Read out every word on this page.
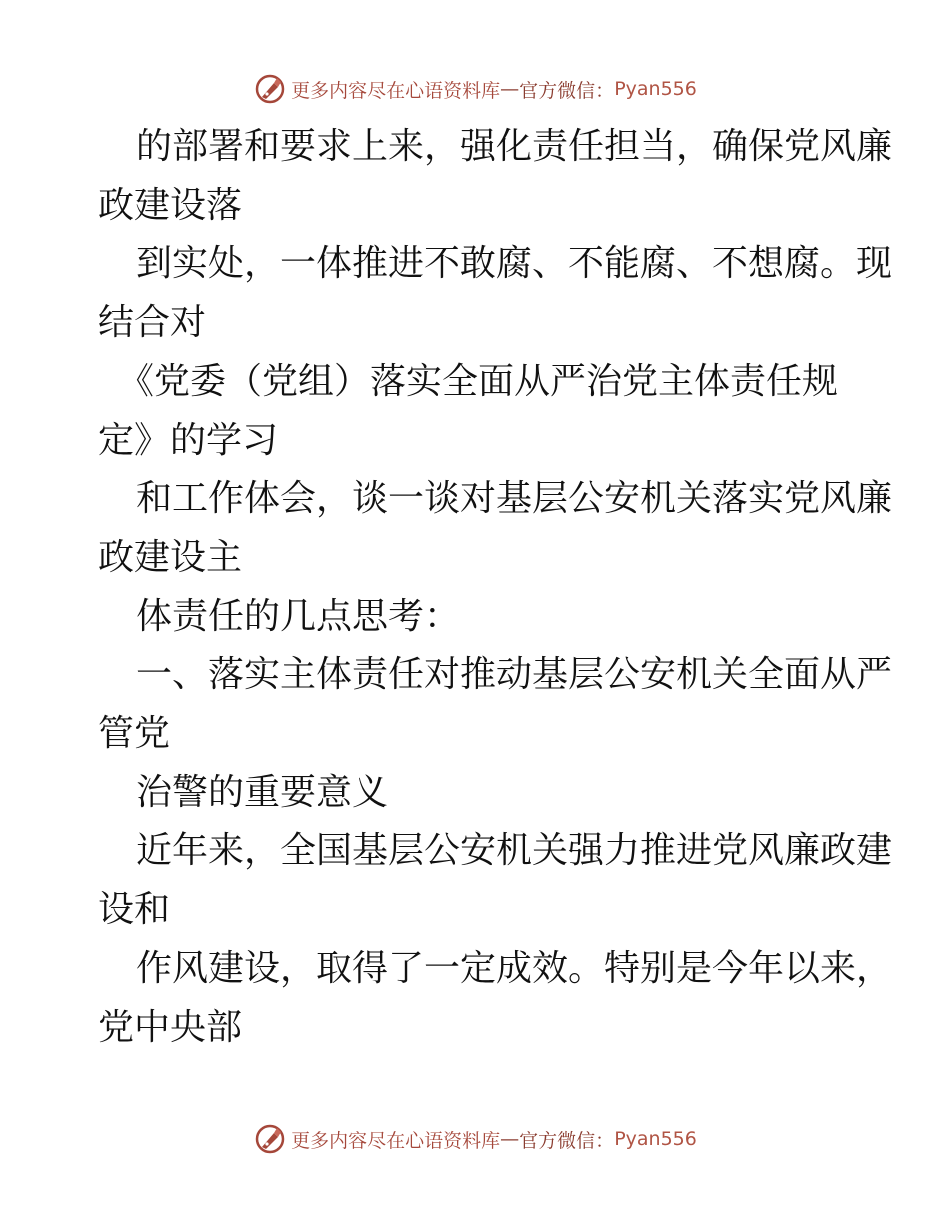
更多内容尽在心语资料库 — 官方微信： Pyan556
的部署和要求上来，强化责任担当，确保党风廉
政建设落
到实处，一体推进不敢腐、不能腐、不想腐。现
结合对
《党委（党组）落实全面从严治党主体责任规
定》的学习
和工作体会，谈一谈对基层公安机关落实党风廉
政建设主
体责任的几点思考：
一、落实主体责任对推动基层公安机关全面从严
管党
治警的重要意义
近年来，全国基层公安机关强力推进党风廉政建
设和
作风建设，取得了一定成效。特别是今年以来，
党中央部
更多内容尽在心语资料库 — 官方微信： Pyan556
